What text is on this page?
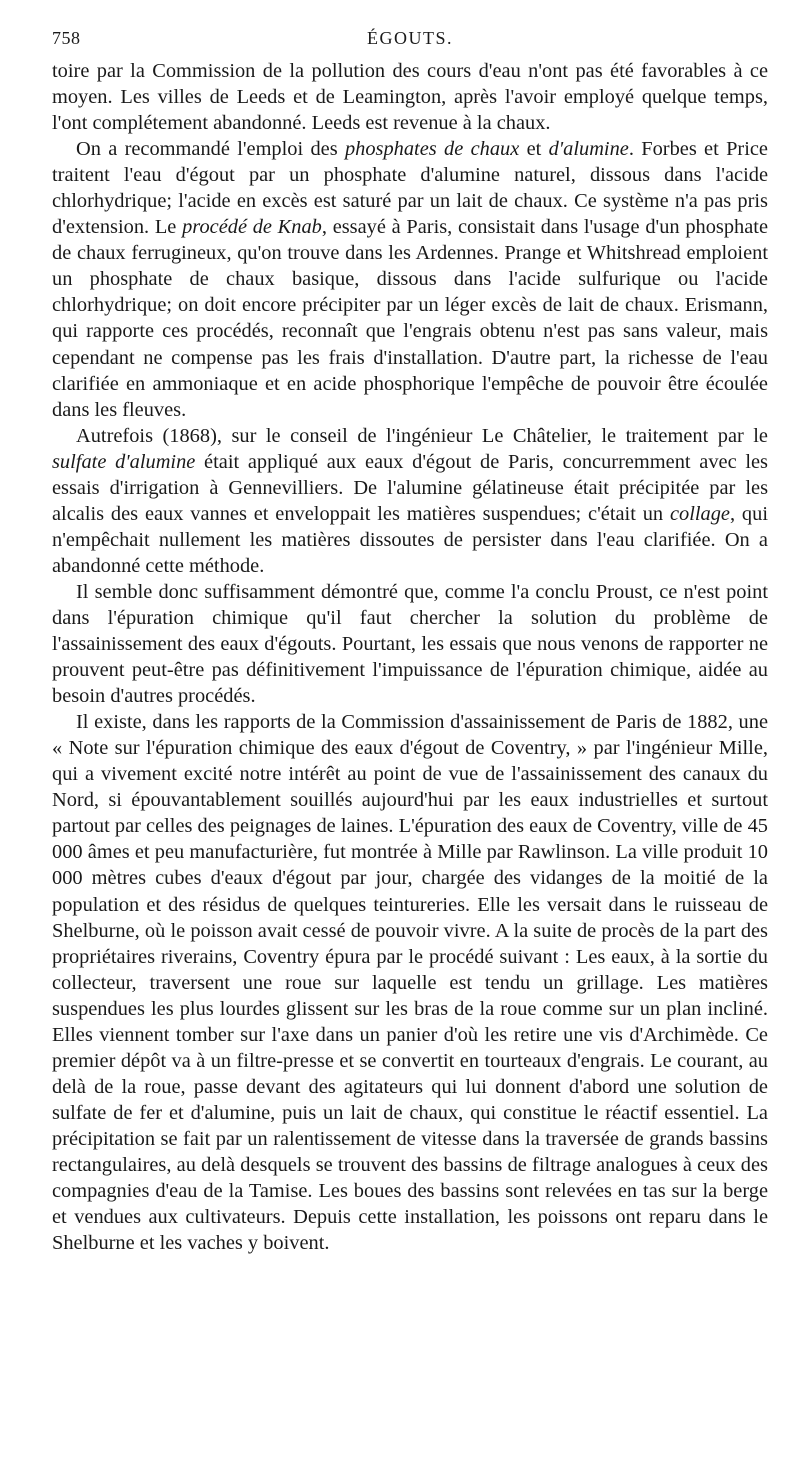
758	ÉGOUTS.

toire par la Commission de la pollution des cours d'eau n'ont pas été favorables à ce moyen. Les villes de Leeds et de Leamington, après l'avoir employé quelque temps, l'ont complétement abandonné. Leeds est revenue à la chaux.

On a recommandé l'emploi des phosphates de chaux et d'alumine. Forbes et Price traitent l'eau d'égout par un phosphate d'alumine naturel, dissous dans l'acide chlorhydrique; l'acide en excès est saturé par un lait de chaux. Ce système n'a pas pris d'extension. Le procédé de Knab, essayé à Paris, consistait dans l'usage d'un phosphate de chaux ferrugineux, qu'on trouve dans les Ardennes. Prange et Whitshread emploient un phosphate de chaux basique, dissous dans l'acide sulfurique ou l'acide chlorhydrique; on doit encore précipiter par un léger excès de lait de chaux. Erismann, qui rapporte ces procédés, reconnaît que l'engrais obtenu n'est pas sans valeur, mais cependant ne compense pas les frais d'installation. D'autre part, la richesse de l'eau clarifiée en ammoniaque et en acide phosphorique l'empêche de pouvoir être écoulée dans les fleuves.

Autrefois (1868), sur le conseil de l'ingénieur Le Châtelier, le traitement par le sulfate d'alumine était appliqué aux eaux d'égout de Paris, concurremment avec les essais d'irrigation à Gennevilliers. De l'alumine gélatineuse était précipitée par les alcalis des eaux vannes et enveloppait les matières suspendues; c'était un collage, qui n'empêchait nullement les matières dissoutes de persister dans l'eau clarifiée. On a abandonné cette méthode.

Il semble donc suffisamment démontré que, comme l'a conclu Proust, ce n'est point dans l'épuration chimique qu'il faut chercher la solution du problème de l'assainissement des eaux d'égouts. Pourtant, les essais que nous venons de rapporter ne prouvent peut-être pas définitivement l'impuissance de l'épuration chimique, aidée au besoin d'autres procédés.

Il existe, dans les rapports de la Commission d'assainissement de Paris de 1882, une « Note sur l'épuration chimique des eaux d'égout de Coventry, » par l'ingénieur Mille, qui a vivement excité notre intérêt au point de vue de l'assainissement des canaux du Nord, si épouvantablement souillés aujourd'hui par les eaux industrielles et surtout partout par celles des peignages de laines. L'épuration des eaux de Coventry, ville de 45 000 âmes et peu manufacturière, fut montrée à Mille par Rawlinson. La ville produit 10 000 mètres cubes d'eaux d'égout par jour, chargée des vidanges de la moitié de la population et des résidus de quelques teintureries. Elle les versait dans le ruisseau de Shelburne, où le poisson avait cessé de pouvoir vivre. A la suite de procès de la part des propriétaires riverains, Coventry épura par le procédé suivant : Les eaux, à la sortie du collecteur, traversent une roue sur laquelle est tendu un grillage. Les matières suspendues les plus lourdes glissent sur les bras de la roue comme sur un plan incliné. Elles viennent tomber sur l'axe dans un panier d'où les retire une vis d'Archimède. Ce premier dépôt va à un filtre-presse et se convertit en tourteaux d'engrais. Le courant, au delà de la roue, passe devant des agitateurs qui lui donnent d'abord une solution de sulfate de fer et d'alumine, puis un lait de chaux, qui constitue le réactif essentiel. La précipitation se fait par un ralentissement de vitesse dans la traversée de grands bassins rectangulaires, au delà desquels se trouvent des bassins de filtrage analogues à ceux des compagnies d'eau de la Tamise. Les boues des bassins sont relevées en tas sur la berge et vendues aux cultivateurs. Depuis cette installation, les poissons ont reparu dans le Shelburne et les vaches y boivent.
